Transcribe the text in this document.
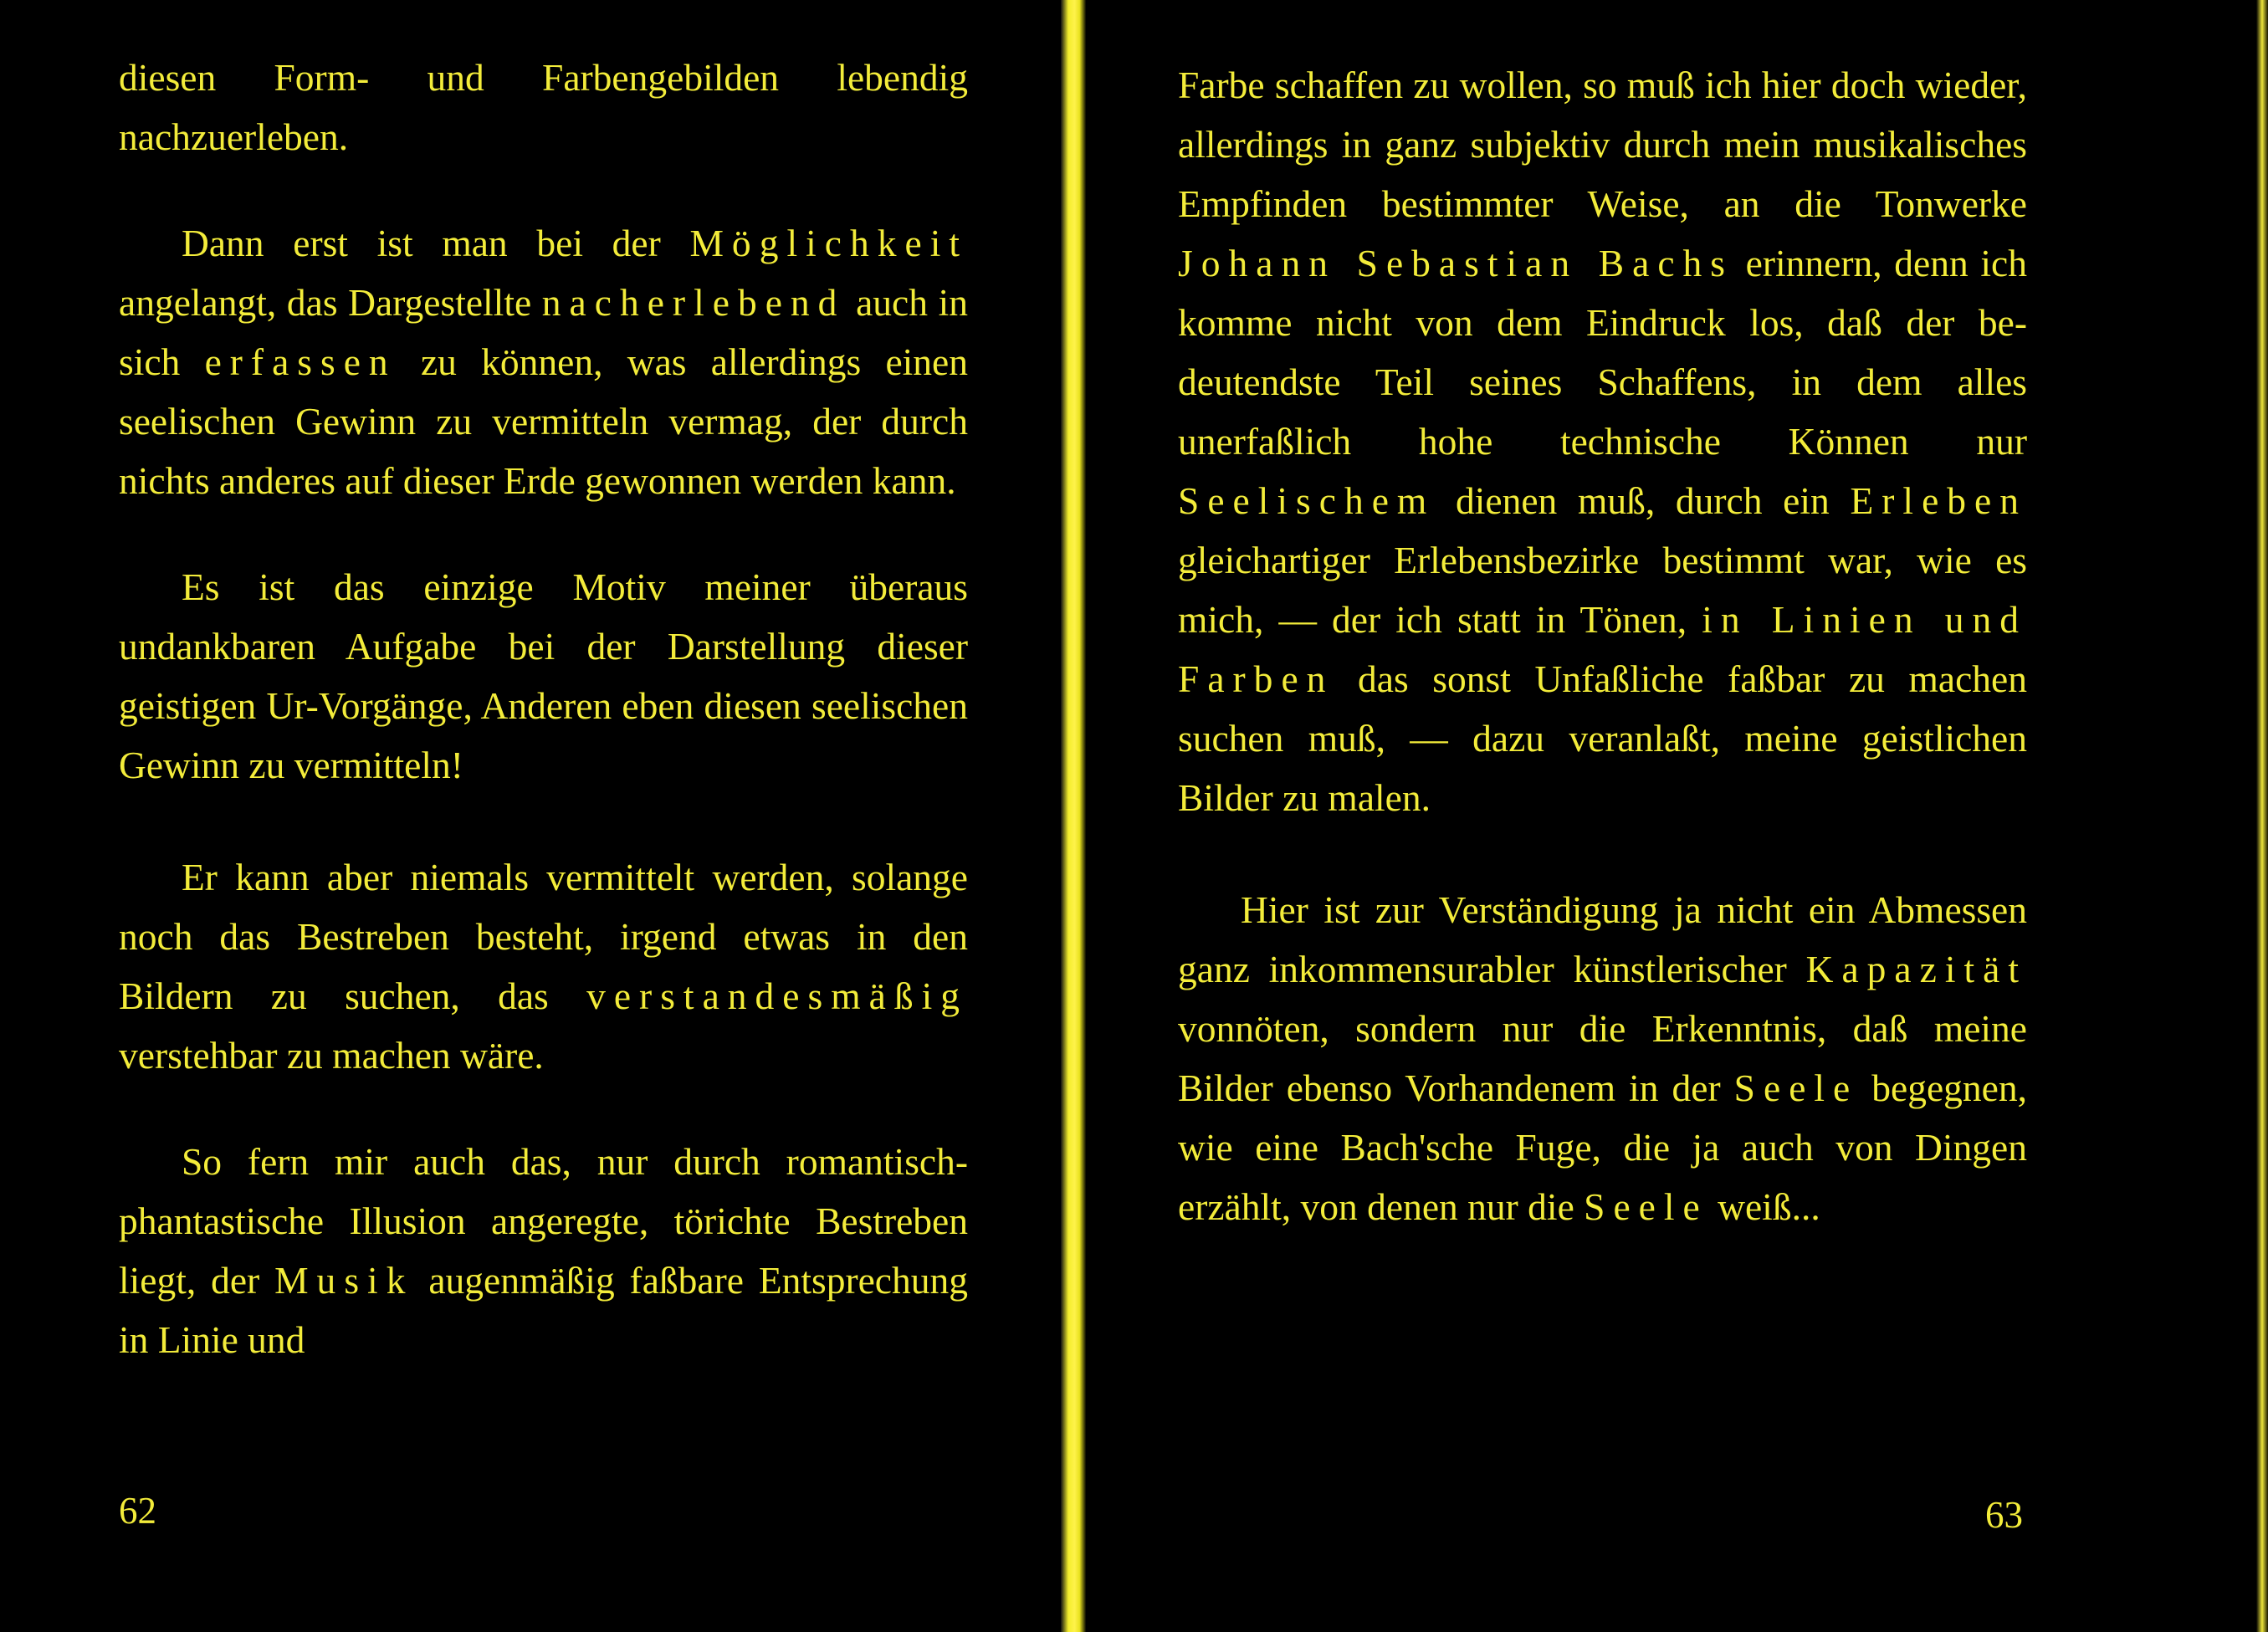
diesen Form- und Farbengebilden lebendig nachzuerleben.

Dann erst ist man bei der Möglichkeit angelangt, das Dargestellte nacherlebend auch in sich erfassen zu können, was allerdings einen seelischen Gewinn zu vermitteln vermag, der durch nichts anderes auf dieser Erde gewonnen werden kann.

Es ist das einzige Motiv meiner überaus undankbaren Aufgabe bei der Darstellung dieser geistigen Ur-Vorgänge, Anderen eben diesen seelischen Gewinn zu vermitteln!

Er kann aber niemals vermittelt werden, solange noch das Bestreben besteht, irgend etwas in den Bildern zu suchen, das verstandesmäßig verstehbar zu machen wäre.

So fern mir auch das, nur durch romantisch-phantastische Illusion angeregte, törichte Bestreben liegt, der Musik augenmäßig faßbare Entsprechung in Linie und

62

Farbe schaffen zu wollen, so muß ich hier doch wieder, allerdings in ganz subjektiv durch mein musikalisches Empfinden bestimmter Weise, an die Tonwerke Johann Sebastian Bachs erinnern, denn ich komme nicht von dem Eindruck los, daß der bedeutendste Teil seines Schaffens, in dem alles unerfaßlich hohe technische Können nur Seelischem dienen muß, durch ein Erleben gleichartiger Erlebensbezirke bestimmt war, wie es mich, — der ich statt in Tönen, in Linien und Farben das sonst Unfaßliche faßbar zu machen suchen muß, — dazu veranlaßt, meine geistlichen Bilder zu malen.

Hier ist zur Verständigung ja nicht ein Abmessen ganz inkommensurabler künstlerischer Kapazität vonnöten, sondern nur die Erkenntnis, daß meine Bilder ebenso Vorhandenem in der Seele begegnen, wie eine Bach'sche Fuge, die ja auch von Dingen erzählt, von denen nur die Seele weiß...

63
